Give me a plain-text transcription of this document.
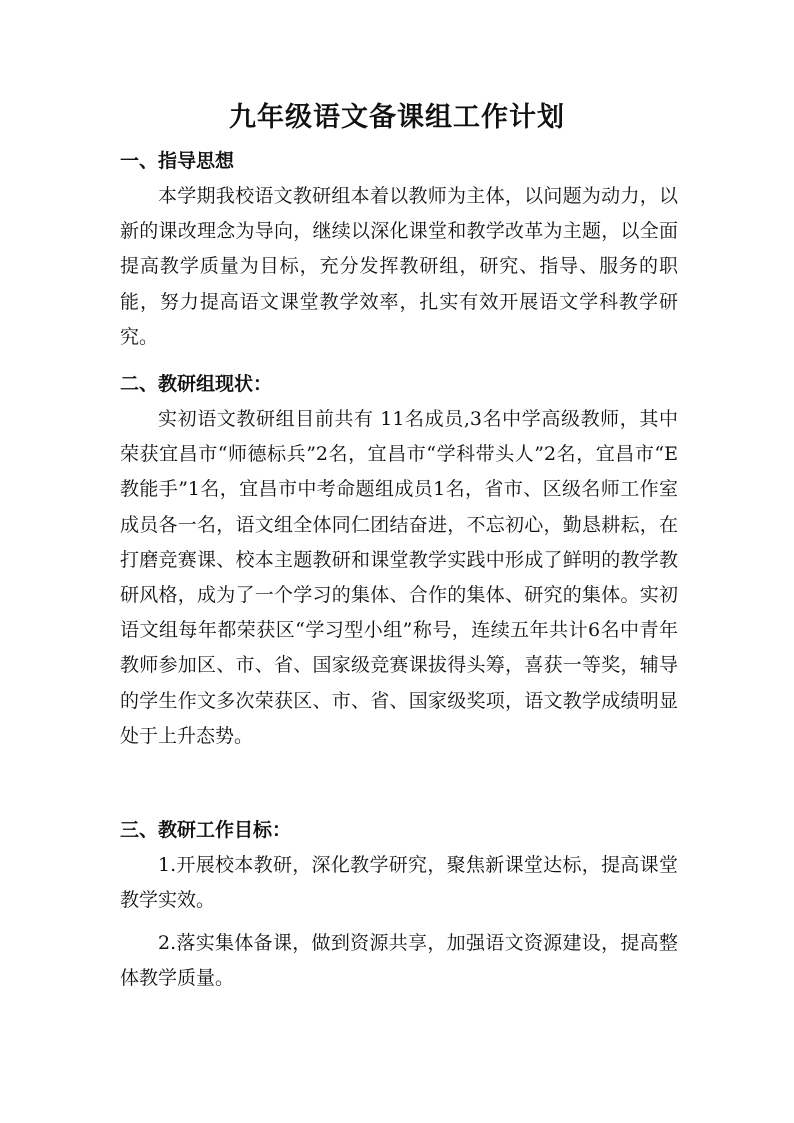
九年级语文备课组工作计划
一、指导思想

本学期我校语文教研组本着以教师为主体，以问题为动力，以新的课改理念为导向，继续以深化课堂和教学改革为主题，以全面提高教学质量为目标，充分发挥教研组，研究、指导、服务的职能，努力提高语文课堂教学效率，扎实有效开展语文学科教学研究。

二、教研组现状：

实初语文教研组目前共有 11名成员,3名中学高级教师，其中荣获宜昌市“师德标兵”2名，宜昌市“学科带头人”2名，宜昌市“E教能手”1名，宜昌市中考命题组成员1名，省市、区级名师工作室成员各一名，语文组全体同仁团结奋进，不忘初心，勤恳耕耘，在打磨竞赛课、校本主题教研和课堂教学实践中形成了鲜明的教学教研风格，成为了一个学习的集体、合作的集体、研究的集体。实初语文组每年都荣获区“学习型小组”称号，连续五年共计6名中青年教师参加区、市、省、国家级竞赛课拔得头筹，喜获一等奖，辅导的学生作文多次荣获区、市、省、国家级奖项，语文教学成绩明显处于上升态势。

三、教研工作目标：

1.开展校本教研，深化教学研究，聚焦新课堂达标，提高课堂教学实效。

2.落实集体备课，做到资源共享，加强语文资源建设，提高整体教学质量。
